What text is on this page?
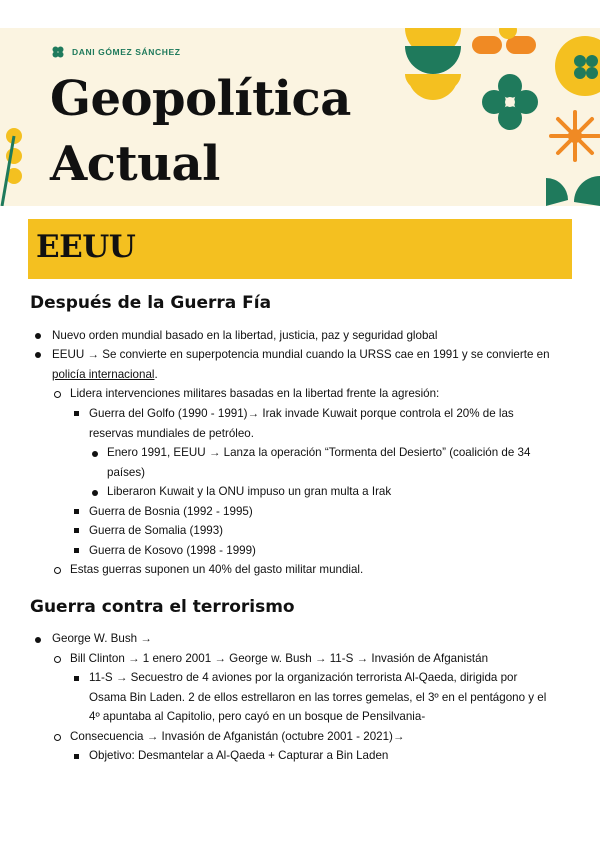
DANI GÓMEZ SÁNCHEZ
Geopolítica
Actual
EEUU
Después de la Guerra Fía
Nuevo orden mundial basado en la libertad, justicia, paz y seguridad global
EEUU → Se convierte en superpotencia mundial cuando la URSS cae en 1991 y se convierte en
policía internacional.
Lidera intervenciones militares basadas en la libertad frente la agresión:
Guerra del Golfo (1990 - 1991)→ Irak invade Kuwait porque controla el 20% de las
reservas mundiales de petróleo.
Enero 1991, EEUU → Lanza la operación “Tormenta del Desierto” (coalición de 34
países)
Liberaron Kuwait y la ONU impuso un gran multa a Irak
Guerra de Bosnia (1992 - 1995)
Guerra de Somalia (1993)
Guerra de Kosovo (1998 - 1999)
Estas guerras suponen un 40% del gasto militar mundial.
Guerra contra el terrorismo
George W. Bush →
Bill Clinton → 1 enero 2001 → George w. Bush → 11-S → Invasión de Afganistán
11-S → Secuestro de 4 aviones por la organización terrorista Al-Qaeda, dirigida por
Osama Bin Laden. 2 de ellos estrellaron en las torres gemelas, el 3º en el pentágono y el
4º apuntaba al Capitolio, pero cayó en un bosque de Pensilvania-
Consecuencia → Invasión de Afganistán (octubre 2001 - 2021)→
Objetivo: Desmantelar a Al-Qaeda + Capturar a Bin Laden
